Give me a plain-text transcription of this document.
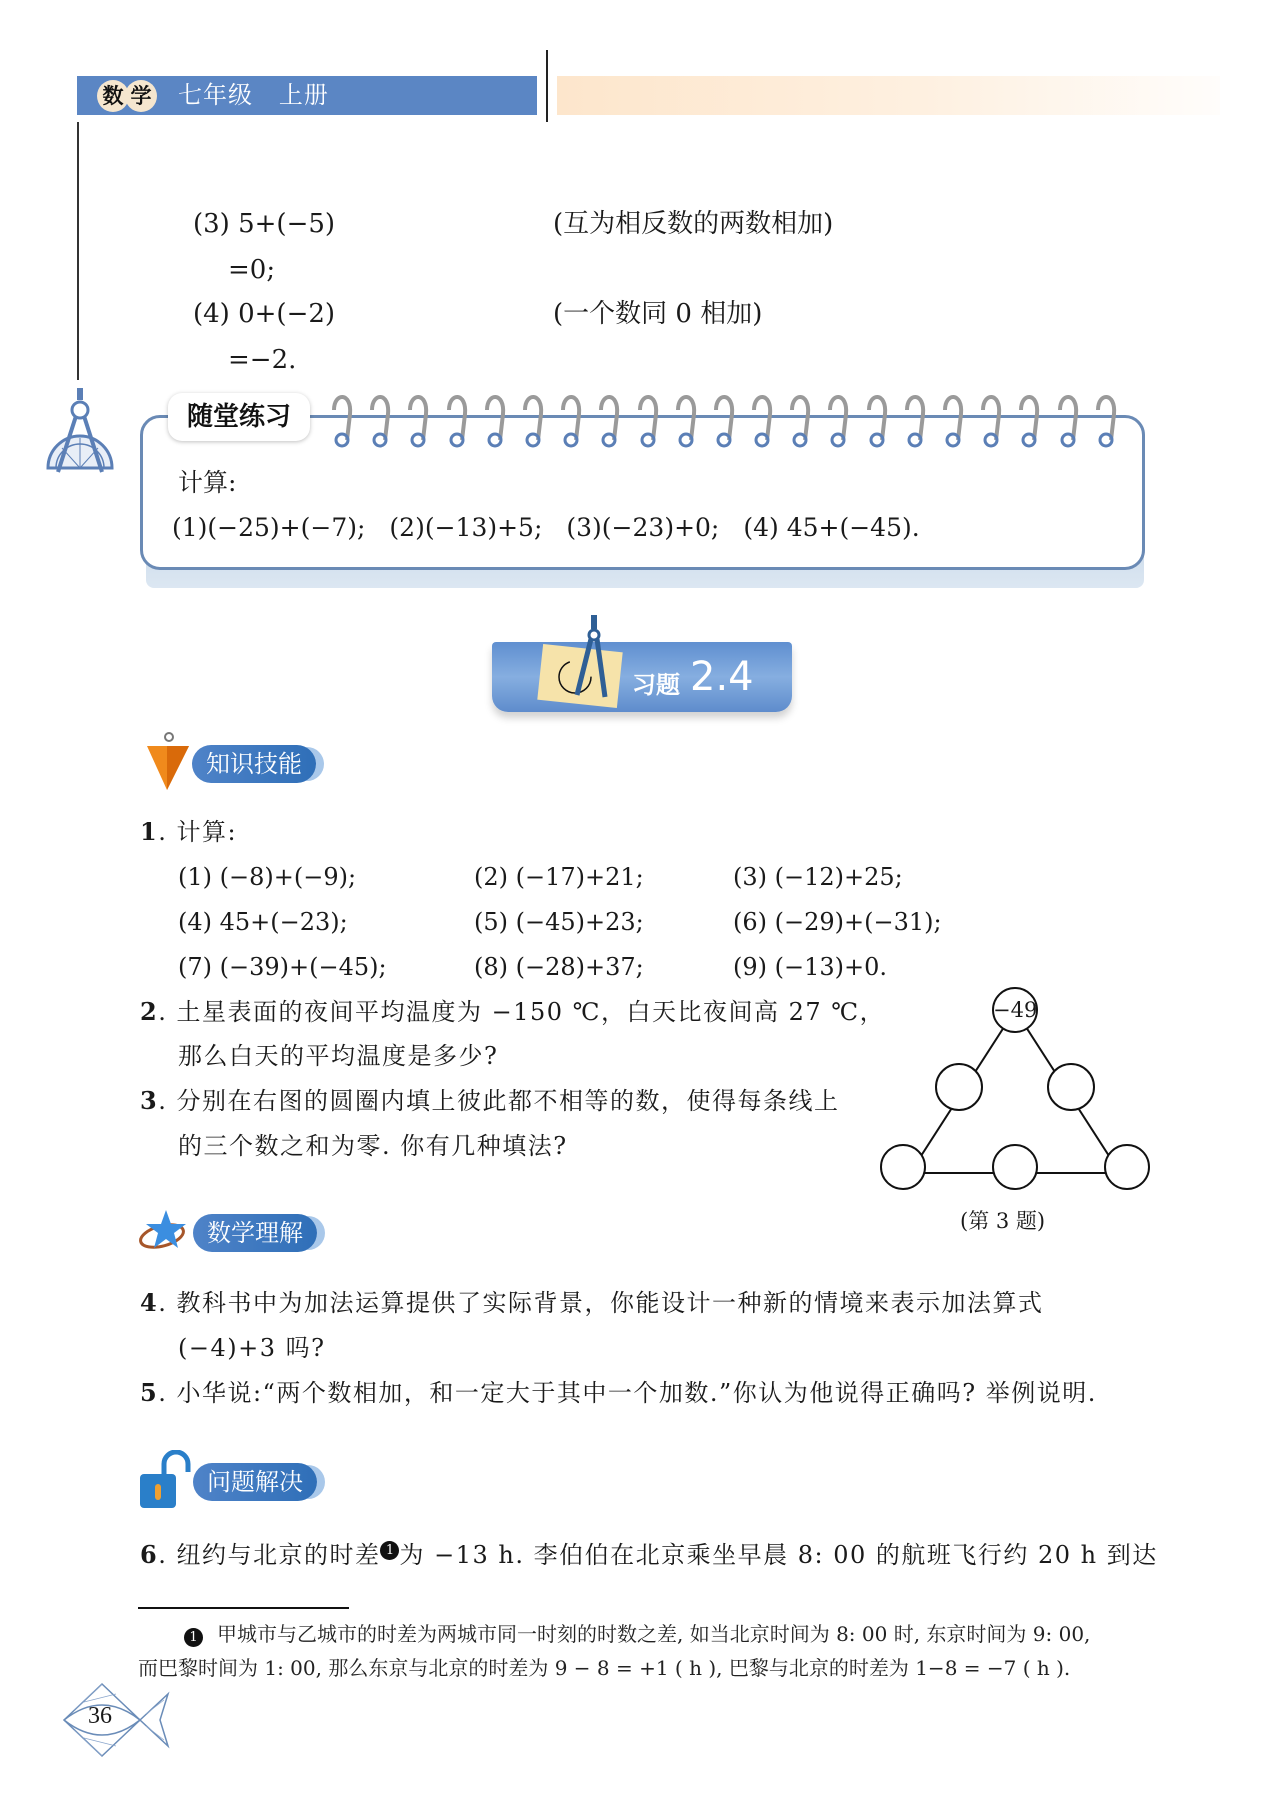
数 学 七年级   上册
(3) 5+(−5)	(互为相反数的两数相加)
=0;
(4) 0+(−2)	(一个数同 0 相加)
=−2.
随堂练习
计算:
(1)(−25)+(−7); (2)(−13)+5; (3)(−23)+0; (4) 45+(−45).
习题 2.4
知识技能
1. 计算:
(1) (−8)+(−9);	(2) (−17)+21;	(3) (−12)+25;
(4) 45+(−23);	(5) (−45)+23;	(6) (−29)+(−31);
(7) (−39)+(−45);	(8) (−28)+37;	(9) (−13)+0.
2. 土星表面的夜间平均温度为 −150 ℃，白天比夜间高 27 ℃，
那么白天的平均温度是多少?
3. 分别在右图的圆圈内填上彼此都不相等的数，使得每条线上
的三个数之和为零. 你有几种填法?
−49
(第 3 题)
数学理解
4. 教科书中为加法运算提供了实际背景，你能设计一种新的情境来表示加法算式
(−4)+3 吗?
5. 小华说:“两个数相加，和一定大于其中一个加数.”你认为他说得正确吗? 举例说明.
问题解决
6. 纽约与北京的时差 1 为 −13 h. 李伯伯在北京乘坐早晨 8: 00 的航班飞行约 20 h 到达
1 甲城市与乙城市的时差为两城市同一时刻的时数之差, 如当北京时间为 8: 00 时, 东京时间为 9: 00,
而巴黎时间为 1: 00, 那么东京与北京的时差为 9 − 8 = +1 ( h ), 巴黎与北京的时差为 1−8 = −7 ( h ).
36
